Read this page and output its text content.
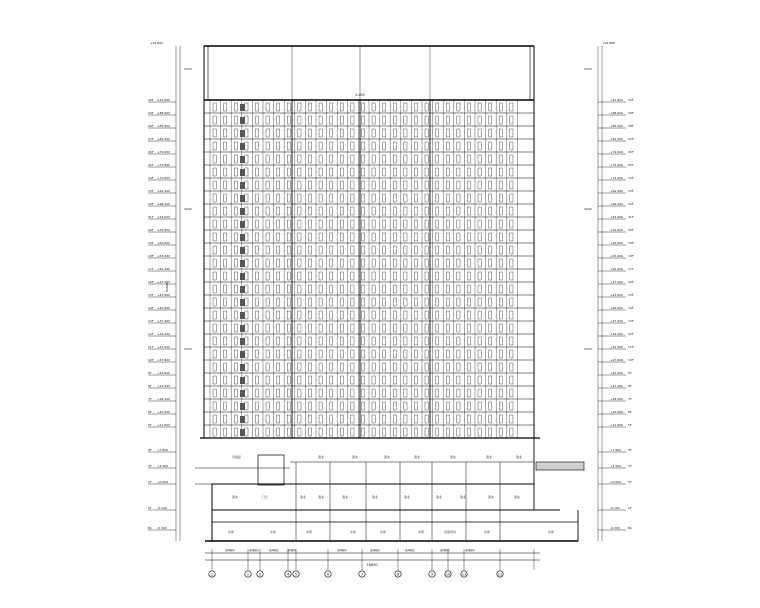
3.200
设备层	商业	商业	商业	商业	商业	商业	商业
商业	门厅	商业	商业	商业	商业	商业	商业	商业	商业	商业
车库	车库	车库	车库	车库	车库	设备用房	车库	车库
30F +91.800
29F +88.600
28F +85.400
27F +82.200
26F +79.000
25F +75.800
24F +72.600
23F +69.400
22F +66.200
21F +63.000
20F +59.800
19F +56.600
18F +53.400
17F +50.200
16F +47.000
15F +43.800
14F +40.600
13F +37.400
12F +34.200
11F +31.000
10F +27.800
9F +24.600
8F +21.400
7F +18.200
6F +15.000
5F +11.800
3200
3200
3200
4F +7.800
3F +4.500
2F +0.000
1F -5.100
B1 -9.300
+91.800 30F
+88.600 29F
+85.400 28F
+82.200 27F
+79.000 26F
+75.800 25F
+72.600 24F
+69.400 23F
+66.200 22F
+63.000 21F
+59.800 20F
+56.600 19F
+53.400 18F
+50.200 17F
+47.000 16F
+43.800 15F
+40.600 14F
+37.400 13F
+34.200 12F
+31.000 11F
+27.800 10F
+24.600 9F
+21.400 8F
+18.200 7F
+15.000 6F
+11.800 5F
3200
3200
3200
+7.800 4F
+4.500 3F
+0.000 2F
-5.100	1F
-9.300	B1
+94.800	+94.800
94800
8400	8400	8400 8400	8400	8400	8400	8400	8400
76800
1	2	3	4 5	6	7	8	9	10	11	12
